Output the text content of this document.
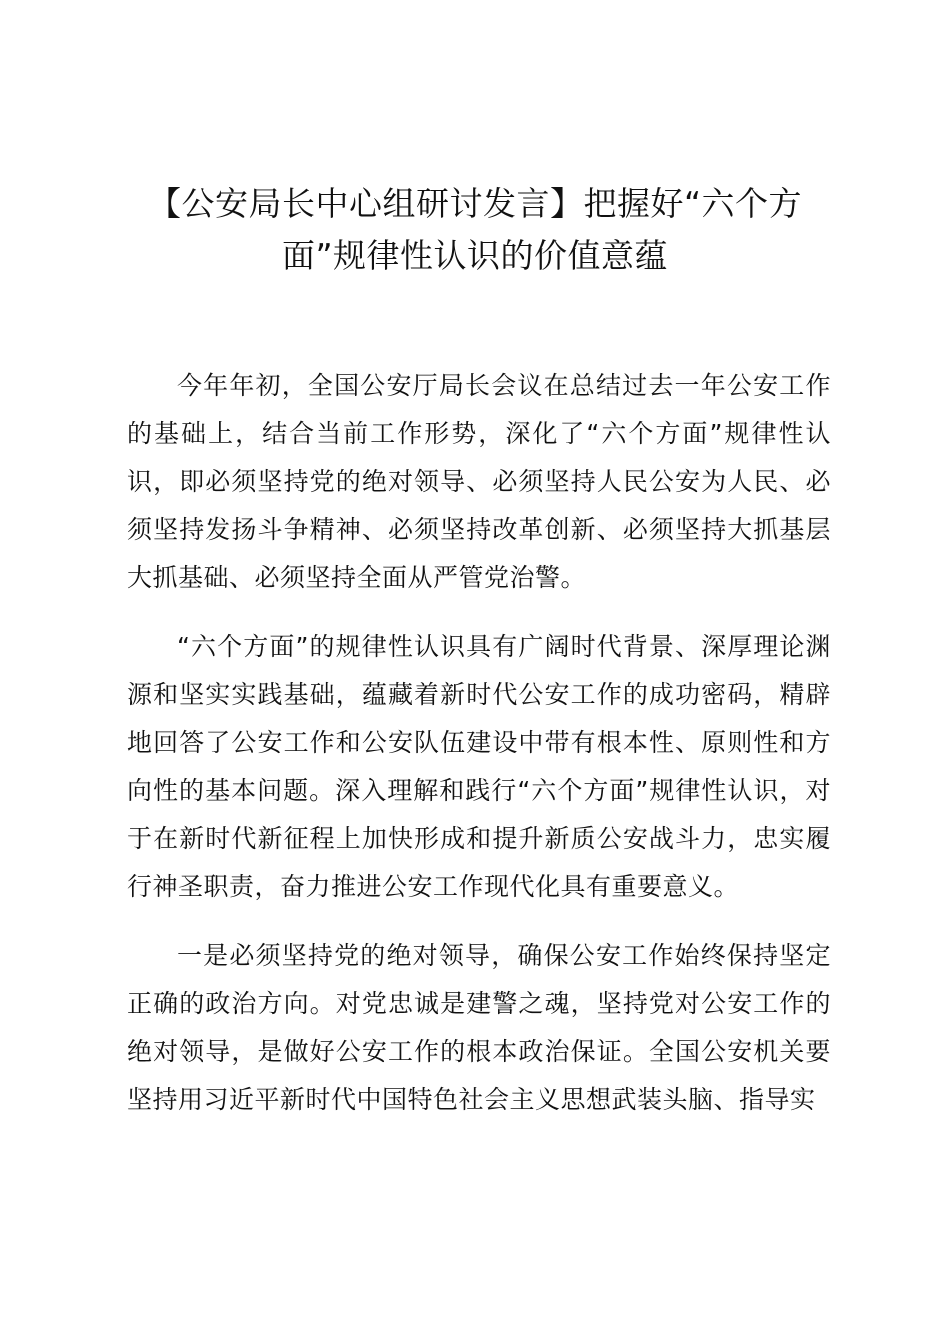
【公安局长中心组研讨发言】把握好“六个方面”规律性认识的价值意蕴

今年年初，全国公安厅局长会议在总结过去一年公安工作的基础上，结合当前工作形势，深化了“六个方面”规律性认识，即必须坚持党的绝对领导、必须坚持人民公安为人民、必须坚持发扬斗争精神、必须坚持改革创新、必须坚持大抓基层大抓基础、必须坚持全面从严管党治警。

“六个方面”的规律性认识具有广阔时代背景、深厚理论渊源和坚实实践基础，蕴藏着新时代公安工作的成功密码，精辟地回答了公安工作和公安队伍建设中带有根本性、原则性和方向性的基本问题。深入理解和践行“六个方面”规律性认识，对于在新时代新征程上加快形成和提升新质公安战斗力，忠实履行神圣职责，奋力推进公安工作现代化具有重要意义。

一是必须坚持党的绝对领导，确保公安工作始终保持坚定正确的政治方向。对党忠诚是建警之魂，坚持党对公安工作的绝对领导，是做好公安工作的根本政治保证。全国公安机关要坚持用习近平新时代中国特色社会主义思想武装头脑、指导实
